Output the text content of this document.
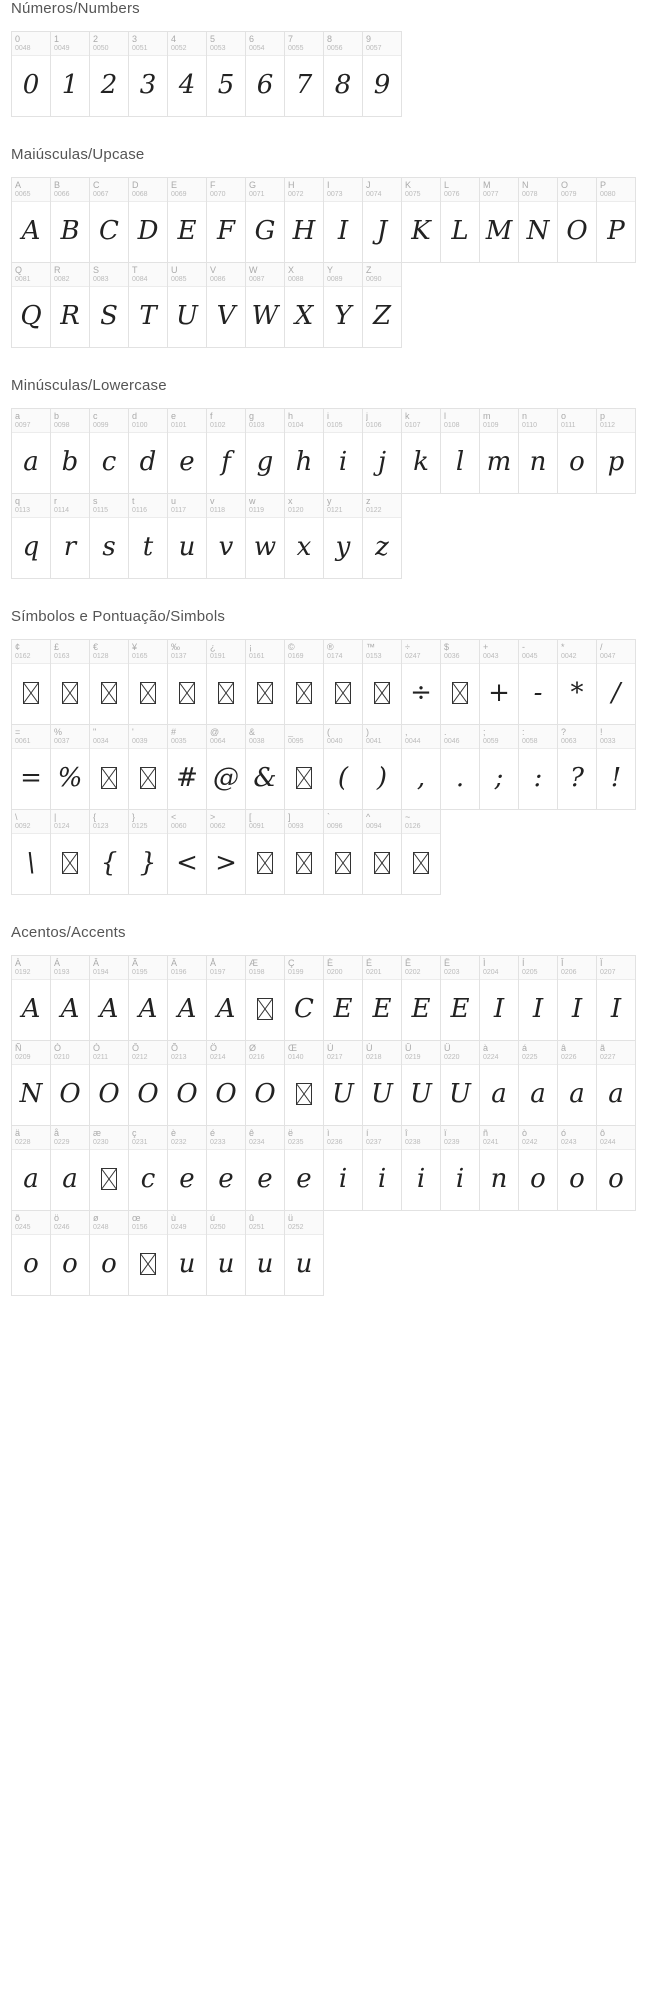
Números/Numbers
0
0048
0
1
0049
1
2
0050
2
3
0051
3
4
0052
4
5
0053
5
6
0054
6
7
0055
7
8
0056
8
9
0057
9
Maiúsculas/Upcase
A
0065
A
B
0066
B
C
0067
C
D
0068
D
E
0069
E
F
0070
F
G
0071
G
H
0072
H
I
0073
I
J
0074
J
K
0075
K
L
0076
L
M
0077
M
N
0078
N
O
0079
O
P
0080
P
Q
0081
Q
R
0082
R
S
0083
S
T
0084
T
U
0085
U
V
0086
V
W
0087
W
X
0088
X
Y
0089
Y
Z
0090
Z
Minúsculas/Lowercase
a
0097
a
b
0098
b
c
0099
c
d
0100
d
e
0101
e
f
0102
f
g
0103
g
h
0104
h
i
0105
i
j
0106
j
k
0107
k
l
0108
l
m
0109
m
n
0110
n
o
0111
o
p
0112
p
q
0113
q
r
0114
r
s
0115
s
t
0116
t
u
0117
u
v
0118
v
w
0119
w
x
0120
x
y
0121
y
z
0122
z
Símbolos e Pontuação/Simbols
¢
0162
£
0163
€
0128
¥
0165
‰
0137
¿
0191
¡
0161
©
0169
®
0174
™
0153
÷
0247
÷
$
0036
+
0043
+
-
0045
-
*
0042
*
/
0047
/
=
0061
=
%
0037
%
"
0034
'
0039
#
0035
#
@
0064
@
&
0038
&
_
0095
(
0040
(
)
0041
)
,
0044
,
.
0046
.
;
0059
;
:
0058
:
?
0063
?
!
0033
!
\
0092
\
|
0124
{
0123
{
}
0125
}
<
0060
<
>
0062
>
[
0091
]
0093
`
0096
^
0094
~
0126
Acentos/Accents
À
0192
A
Á
0193
A
Â
0194
A
Ã
0195
A
Ä
0196
A
Å
0197
A
Æ
0198
Ç
0199
C
È
0200
E
É
0201
E
Ê
0202
E
Ë
0203
E
Ì
0204
I
Í
0205
I
Î
0206
I
Ï
0207
I
Ñ
0209
N
Ò
0210
O
Ó
0211
O
Ô
0212
O
Õ
0213
O
Ö
0214
O
Ø
0216
O
Œ
0140
Ù
0217
U
Ú
0218
U
Û
0219
U
Ü
0220
U
à
0224
a
á
0225
a
â
0226
a
ã
0227
a
ä
0228
a
å
0229
a
æ
0230
ç
0231
c
è
0232
e
é
0233
e
ê
0234
e
ë
0235
e
ì
0236
i
í
0237
i
î
0238
i
ï
0239
i
ñ
0241
n
ò
0242
o
ó
0243
o
ô
0244
o
õ
0245
o
ö
0246
o
ø
0248
o
œ
0156
ù
0249
u
ú
0250
u
û
0251
u
ü
0252
u
